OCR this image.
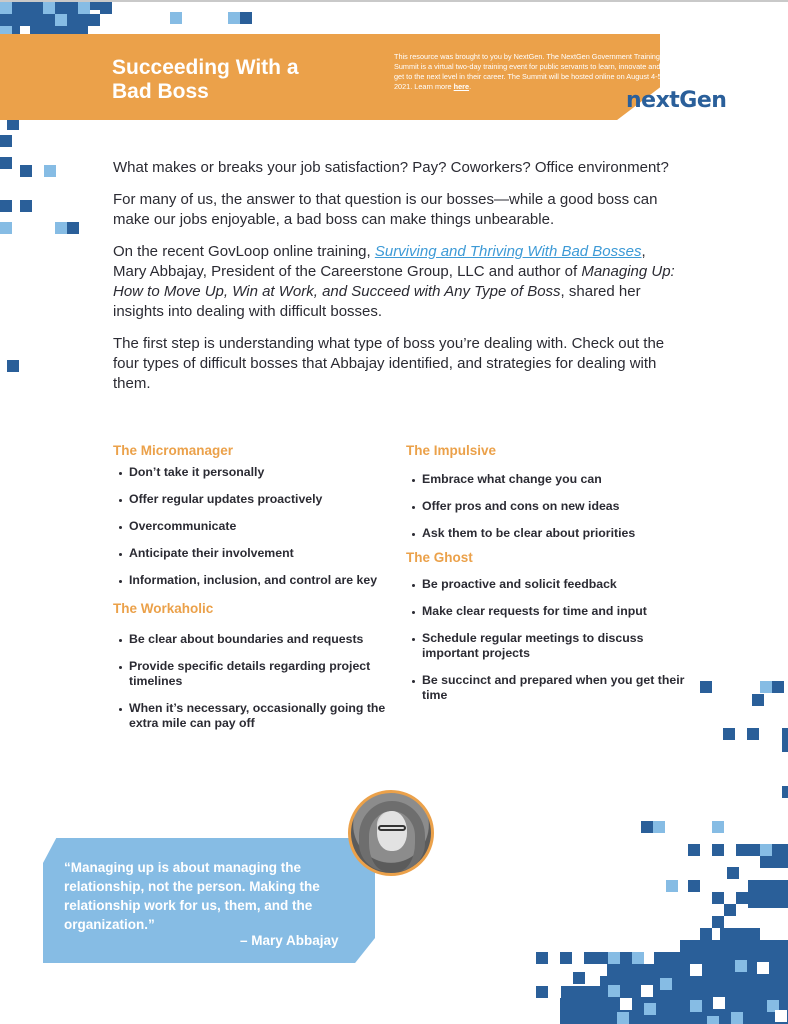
Succeeding With a
Bad Boss
This resource was brought to you by NextGen. The NextGen Government Training Summit is a virtual two-day training event for public servants to learn, innovate and get to the next level in their career. The Summit will be hosted online on August 4-5, 2021. Learn more here.
nextGen

What makes or breaks your job satisfaction? Pay? Coworkers? Office environment?

For many of us, the answer to that question is our bosses—while a good boss can make our jobs enjoyable, a bad boss can make things unbearable.

On the recent GovLoop online training, Surviving and Thriving With Bad Bosses, Mary Abbajay, President of the Careerstone Group, LLC and author of Managing Up: How to Move Up, Win at Work, and Succeed with Any Type of Boss, shared her insights into dealing with difficult bosses.

The first step is understanding what type of boss you’re dealing with. Check out the four types of difficult bosses that Abbajay identified, and strategies for dealing with them.

The Micromanager
Don’t take it personally
Offer regular updates proactively
Overcommunicate
Anticipate their involvement
Information, inclusion, and control are key
The Workaholic
Be clear about boundaries and requests
Provide specific details regarding project timelines
When it’s necessary, occasionally going the extra mile can pay off
The Impulsive
Embrace what change you can
Offer pros and cons on new ideas
Ask them to be clear about priorities
The Ghost
Be proactive and solicit feedback
Make clear requests for time and input
Schedule regular meetings to discuss important projects
Be succinct and prepared when you get their time

“Managing up is about managing the relationship, not the person. Making the relationship work for us, them, and the organization.”

– Mary Abbajay
